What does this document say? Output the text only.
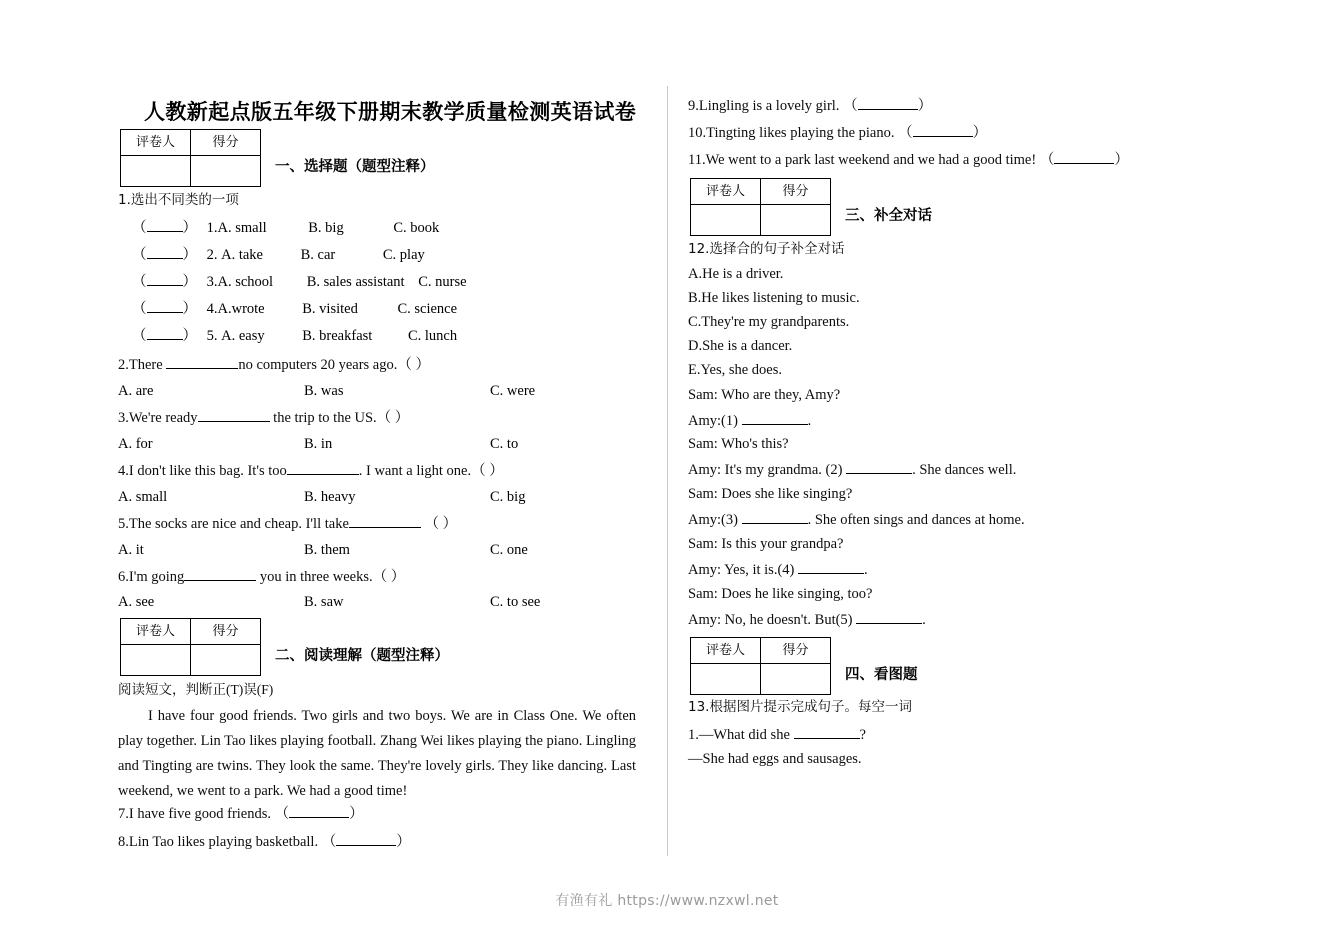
人教新起点版五年级下册期末教学质量检测英语试卷
评卷人	得分

一、选择题（题型注释）
1.选出不同类的一项
（ ） 1.A. small	B. big	C. book
（ ） 2. A. take	B. car	C. play
（ ） 3.A. school B. sales assistant C. nurse
（ ） 4.A.wrote	B. visited	C. science
（ ） 5. A. easy	B. breakfast C. lunch
2.There	no computers 20 years ago.（ ）
A. are	B. was	C. were
3.We're ready	the trip to the US.（ ）
A. for	B. in	C. to
4.I don't like this bag. It's too	. I want a light one.（ ）
A. small	B. heavy	C. big
5.The socks are nice and cheap. I'll take	（ ）
A. it	B. them	C. one
6.I'm going	you in three weeks.（ ）
A. see	B. saw	C. to see
评卷人	得分

二、阅读理解（题型注释）
阅读短文，判断正(T)误(F)
I have four good friends. Two girls and two boys. We are in Class One. We often play together. Lin Tao likes playing football. Zhang Wei likes playing the piano. Lingling and Tingting are twins. They look the same. They're lovely girls. They like dancing. Last weekend, we went to a park. We had a good time!
7.I have five good friends. （	）
8.Lin Tao likes playing basketball. （	）
9.Lingling is a lovely girl. （	）
10.Tingting likes playing the piano. （	）
11.We went to a park last weekend and we had a good time! （	）
评卷人	得分

三、补全对话
12.选择合的句子补全对话
A.He is a driver.
B.He likes listening to music.
C.They're my grandparents.
D.She is a dancer.
E.Yes, she does.
Sam: Who are they, Amy?
Amy:(1)	.
Sam: Who's this?
Amy: It's my grandma. (2)	. She dances well.
Sam: Does she like singing?
Amy:(3)	. She often sings and dances at home.
Sam: Is this your grandpa?
Amy: Yes, it is.(4)	.
Sam: Does he like singing, too?
Amy: No, he doesn't. But(5)	.
评卷人	得分

四、看图题
13.根据图片提示完成句子。每空一词
1.—What did she	?
—She had eggs and sausages.
有渔有礼 https://www.nzxwl.net
